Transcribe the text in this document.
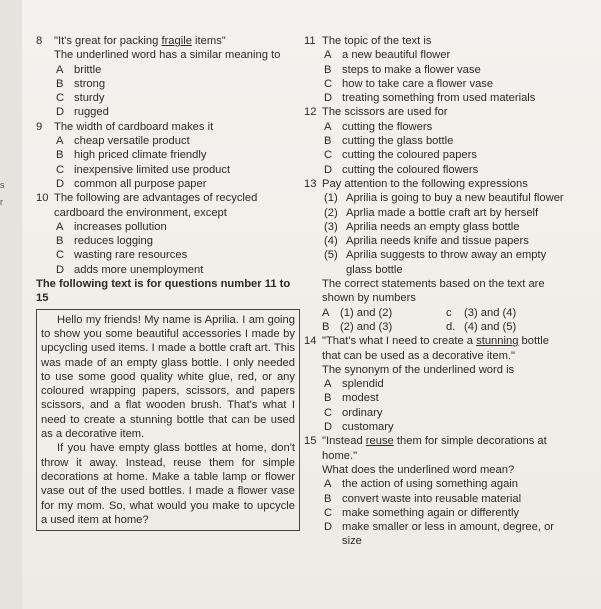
s
r
8	"It's great for packing fragile items"
The underlined word has a similar meaning to
A brittle
B strong
C sturdy
D rugged
9	The width of cardboard makes it
A cheap versatile product
B high priced climate friendly
C inexpensive limited use product
D common all purpose paper
10 The following are advantages of recycled cardboard the environment, except
A increases pollution
B reduces logging
C wasting rare resources
D adds more unemployment
The following text is for questions number 11 to 15

Hello my friends! My name is Aprilia. I am going to show you some beautiful accessories I made by upcycling used items. I made a bottle craft art. This was made of an empty glass bottle. I only needed to use some good quality white glue, red, or any coloured wrapping papers, scissors, and papers scissors, and a flat wooden brush. That's what I need to create a stunning bottle that can be used as a decorative item.

If you have empty glass bottles at home, don't throw it away. Instead, reuse them for simple decorations at home. Make a table lamp or flower vase out of the used bottles. I made a flower vase for my mom. So, what would you make to upcycle a used item at home?

11 The topic of the text is
A a new beautiful flower
B steps to make a flower vase
C how to take care a flower vase
D treating something from used materials
12 The scissors are used for
A cutting the flowers
B cutting the glass bottle
C cutting the coloured papers
D cutting the coloured flowers
13 Pay attention to the following expressions
(1) Aprilia is going to buy a new beautiful flower
(2) Aprlia made a bottle craft art by herself
(3) Aprilia needs an empty glass bottle
(4) Aprilia needs knife and tissue papers
(5) Aprilia suggests to throw away an empty glass bottle
The correct statements based on the text are shown by numbers
A (1) and (2)	c	(3) and (4)
B (2) and (3)	d. (4) and (5)
14 "That's what I need to create a stunning bottle that can be used as a decorative item."
The synonym of the underlined word is
A splendid
B modest
C ordinary
D customary
15 "Instead reuse them for simple decorations at home."
What does the underlined word mean?
A the action of using something again
B convert waste into reusable material
C make something again or differently
D make smaller or less in amount, degree, or size
